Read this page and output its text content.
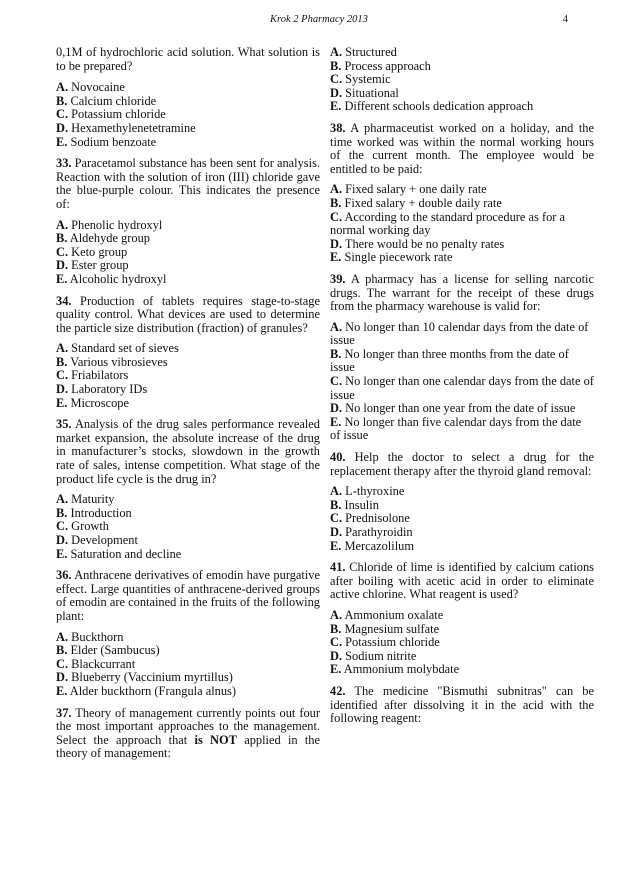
Krok 2 Pharmacy 2013	4

0,1M of hydrochloric acid solution. What solution is to be prepared?

A. Novocaine
B. Calcium chloride
C. Potassium chloride
D. Hexamethylenetetramine
E. Sodium benzoate

33. Paracetamol substance has been sent for analysis. Reaction with the solution of iron (III) chloride gave the blue-purple colour. This indicates the presence of:

A. Phenolic hydroxyl
B. Aldehyde group
C. Keto group
D. Ester group
E. Alcoholic hydroxyl

34. Production of tablets requires stage-to-stage quality control. What devices are used to determine the particle size distribution (fraction) of granules?

A. Standard set of sieves
B. Various vibrosieves
C. Friabilators
D. Laboratory IDs
E. Microscope

35. Analysis of the drug sales performance revealed market expansion, the absolute increase of the drug in manufacturer’s stocks, slowdown in the growth rate of sales, intense competition. What stage of the product life cycle is the drug in?

A. Maturity
B. Introduction
C. Growth
D. Development
E. Saturation and decline

36. Anthracene derivatives of emodin have purgative effect. Large quantities of anthracene-derived groups of emodin are contained in the fruits of the following plant:

A. Buckthorn
B. Elder (Sambucus)
C. Blackcurrant
D. Blueberry (Vaccinium myrtillus)
E. Alder buckthorn (Frangula alnus)

37. Theory of management currently points out four the most important approaches to the management. Select the approach that is NOT applied in the theory of management:

A. Structured
B. Process approach
C. Systemic
D. Situational
E. Different schools dedication approach

38. A pharmaceutist worked on a holiday, and the time worked was within the normal working hours of the current month. The employee would be entitled to be paid:

A. Fixed salary + one daily rate
B. Fixed salary + double daily rate
C. According to the standard procedure as for a normal working day
D. There would be no penalty rates
E. Single piecework rate

39. A pharmacy has a license for selling narcotic drugs. The warrant for the receipt of these drugs from the pharmacy warehouse is valid for:

A. No longer than 10 calendar days from the date of issue
B. No longer than three months from the date of issue
C. No longer than one calendar days from the date of issue
D. No longer than one year from the date of issue
E. No longer than five calendar days from the date of issue

40. Help the doctor to select a drug for the replacement therapy after the thyroid gland removal:

A. L-thyroxine
B. Insulin
C. Prednisolone
D. Parathyroidin
E. Mercazolilum

41. Chloride of lime is identified by calcium cations after boiling with acetic acid in order to eliminate active chlorine. What reagent is used?

A. Ammonium oxalate
B. Magnesium sulfate
C. Potassium chloride
D. Sodium nitrite
E. Ammonium molybdate

42. The medicine "Bismuthi subnitras" can be identified after dissolving it in the acid with the following reagent:
